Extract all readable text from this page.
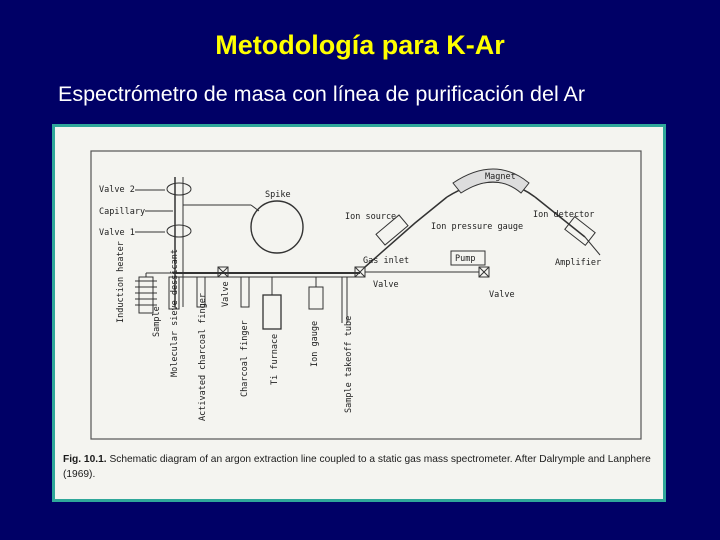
Metodología para K-Ar
Espectrómetro de masa con línea de purificación del Ar
Valve 2
Capillary
Valve 1
Spike
Magnet
Ion source
Ion pressure gauge
Ion detector
Gas inlet	Pump	Amplifier
Valve
Valve
Induction heater	Sample Molecular sieve dessicant Activated charcoal finger Valve
Charcoal finger Ti furnace	Ion gauge	Sample takeoff tube
Fig. 10.1. Schematic diagram of an argon extraction line coupled to a static gas mass spectrometer. After Dalrymple and Lanphere (1969).
